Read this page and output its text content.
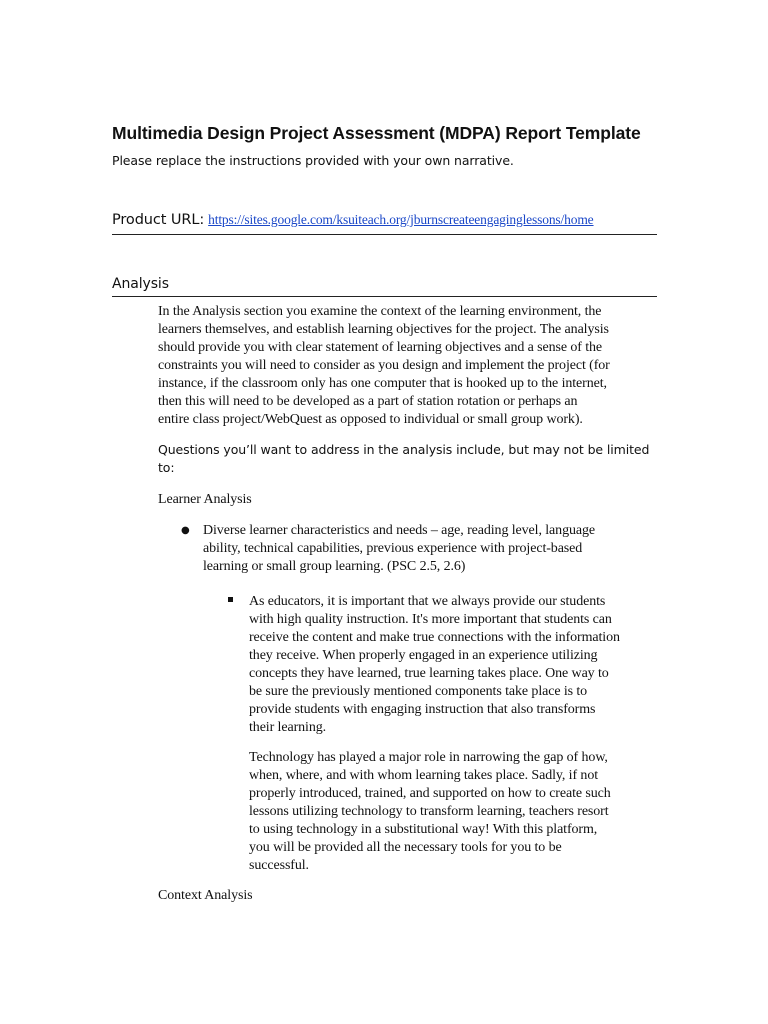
Multimedia Design Project Assessment (MDPA) Report Template
Please replace the instructions provided with your own narrative.
Product URL: https://sites.google.com/ksuiteach.org/jburnscreateengaginglessons/home
Analysis
In the Analysis section you examine the context of the learning environment, the
learners themselves, and establish learning objectives for the project. The analysis
should provide you with clear statement of learning objectives and a sense of the
constraints you will need to consider as you design and implement the project (for
instance, if the classroom only has one computer that is hooked up to the internet,
then this will need to be developed as a part of station rotation or perhaps an
entire class project/WebQuest as opposed to individual or small group work).
Questions you’ll want to address in the analysis include, but may not be limited
to:
Learner Analysis
● Diverse learner characteristics and needs – age, reading level, language
ability, technical capabilities, previous experience with project-based
learning or small group learning. (PSC 2.5, 2.6)
As educators, it is important that we always provide our students
with high quality instruction. It's more important that students can
receive the content and make true connections with the information
they receive. When properly engaged in an experience utilizing
concepts they have learned, true learning takes place. One way to
be sure the previously mentioned components take place is to
provide students with engaging instruction that also transforms
their learning.
Technology has played a major role in narrowing the gap of how,
when, where, and with whom learning takes place. Sadly, if not
properly introduced, trained, and supported on how to create such
lessons utilizing technology to transform learning, teachers resort
to using technology in a substitutional way! With this platform,
you will be provided all the necessary tools for you to be
successful.
Context Analysis
